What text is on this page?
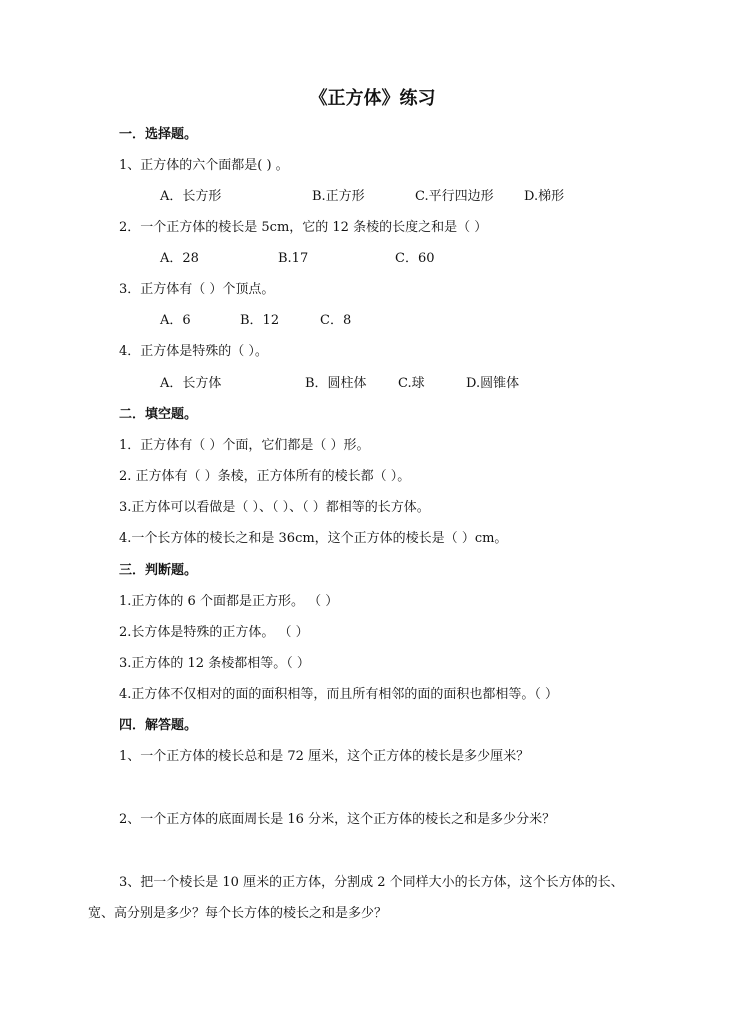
《正方体》练习
一．选择题。
1、正方体的六个面都是( ) 。
A．长方形	B.正方形	C.平行四边形 D.梯形
2．一个正方体的棱长是 5cm，它的 12 条棱的长度之和是（ ）
A．28	B.17	C．60
3．正方体有（ ）个顶点。
A．6	B．12	C．8
4．正方体是特殊的（ ）。
A．长方体	B．圆柱体 C.球	D.圆锥体
二．填空题。
1．正方体有（ ）个面，它们都是（ ）形。
2. 正方体有（ ）条棱，正方体所有的棱长都（ ）。
3.正方体可以看做是（ ）、（ ）、（ ）都相等的长方体。
4.一个长方体的棱长之和是 36cm，这个正方体的棱长是（ ）cm。
三．判断题。
1.正方体的 6 个面都是正方形。 （ ）
2.长方体是特殊的正方体。 （ ）
3.正方体的 12 条棱都相等。（ ）
4.正方体不仅相对的面的面积相等，而且所有相邻的面的面积也都相等。（ ）
四．解答题。
1、一个正方体的棱长总和是 72 厘米，这个正方体的棱长是多少厘米？
2、一个正方体的底面周长是 16 分米，这个正方体的棱长之和是多少分米？
3、把一个棱长是 10 厘米的正方体，分割成 2 个同样大小的长方体，这个长方体的长、
宽、高分别是多少？每个长方体的棱长之和是多少？
